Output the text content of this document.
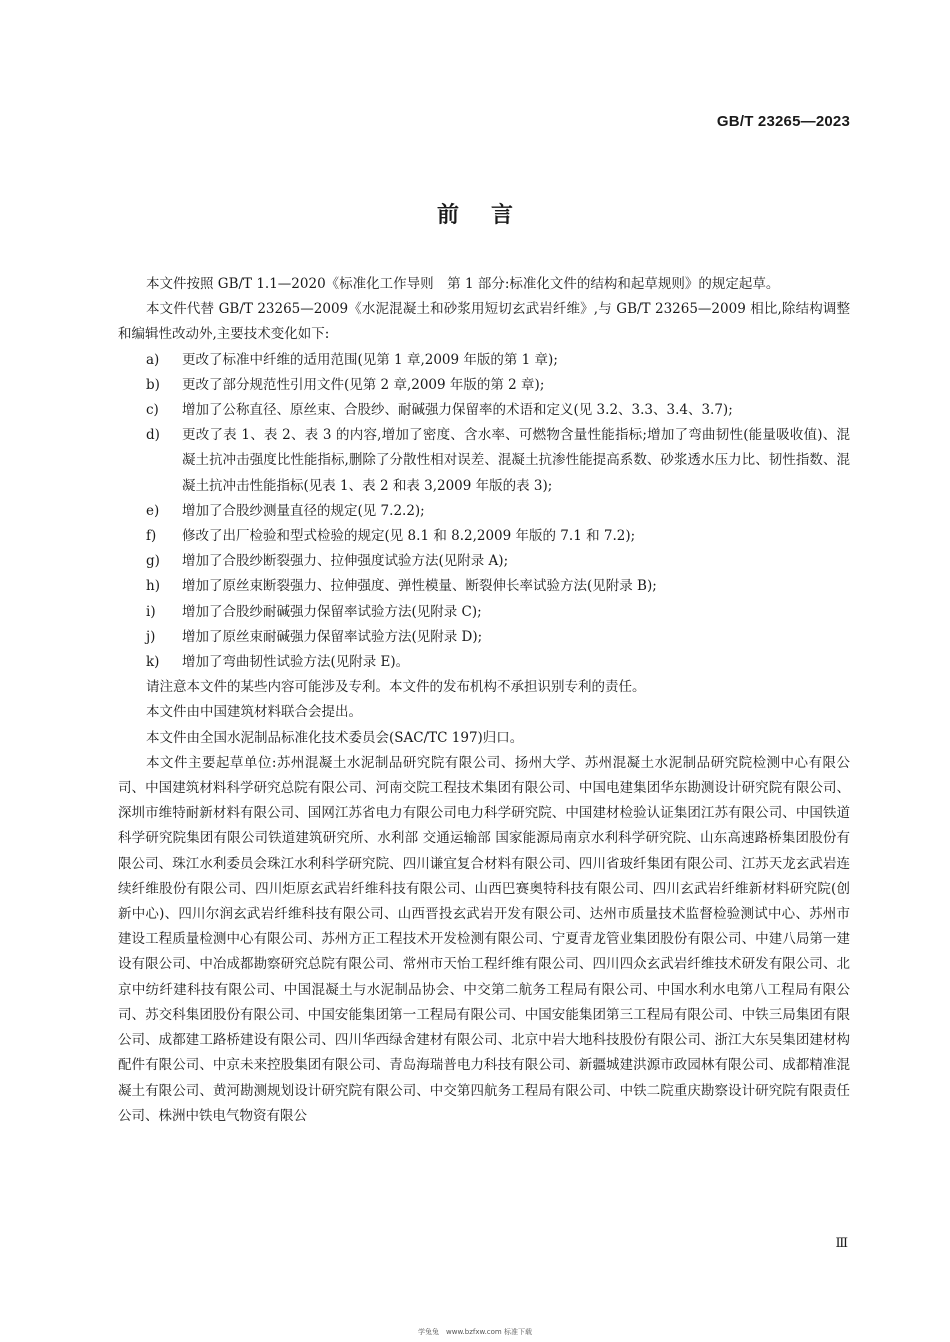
GB/T 23265—2023
前言

本文件按照 GB/T 1.1—2020《标准化工作导则　第 1 部分:标准化文件的结构和起草规则》的规定起草。

本文件代替 GB/T 23265—2009《水泥混凝土和砂浆用短切玄武岩纤维》,与 GB/T 23265—2009 相比,除结构调整和编辑性改动外,主要技术变化如下:

a)	更改了标准中纤维的适用范围(见第 1 章,2009 年版的第 1 章);
b)	更改了部分规范性引用文件(见第 2 章,2009 年版的第 2 章);
c)	增加了公称直径、原丝束、合股纱、耐碱强力保留率的术语和定义(见 3.2、3.3、3.4、3.7);
d)	更改了表 1、表 2、表 3 的内容,增加了密度、含水率、可燃物含量性能指标;增加了弯曲韧性(能量吸收值)、混凝土抗冲击强度比性能指标,删除了分散性相对误差、混凝土抗渗性能提高系数、砂浆透水压力比、韧性指数、混凝土抗冲击性能指标(见表 1、表 2 和表 3,2009 年版的表 3);
e)	增加了合股纱测量直径的规定(见 7.2.2);
f)	修改了出厂检验和型式检验的规定(见 8.1 和 8.2,2009 年版的 7.1 和 7.2);
g)	增加了合股纱断裂强力、拉伸强度试验方法(见附录 A);
h)	增加了原丝束断裂强力、拉伸强度、弹性模量、断裂伸长率试验方法(见附录 B);
i)	增加了合股纱耐碱强力保留率试验方法(见附录 C);
j)	增加了原丝束耐碱强力保留率试验方法(见附录 D);
k)	增加了弯曲韧性试验方法(见附录 E)。

请注意本文件的某些内容可能涉及专利。本文件的发布机构不承担识别专利的责任。

本文件由中国建筑材料联合会提出。

本文件由全国水泥制品标准化技术委员会(SAC/TC 197)归口。

本文件主要起草单位:苏州混凝土水泥制品研究院有限公司、扬州大学、苏州混凝土水泥制品研究院检测中心有限公司、中国建筑材料科学研究总院有限公司、河南交院工程技术集团有限公司、中国电建集团华东勘测设计研究院有限公司、深圳市维特耐新材料有限公司、国网江苏省电力有限公司电力科学研究院、中国建材检验认证集团江苏有限公司、中国铁道科学研究院集团有限公司铁道建筑研究所、水利部 交通运输部 国家能源局南京水利科学研究院、山东高速路桥集团股份有限公司、珠江水利委员会珠江水利科学研究院、四川谦宜复合材料有限公司、四川省玻纤集团有限公司、江苏天龙玄武岩连续纤维股份有限公司、四川炬原玄武岩纤维科技有限公司、山西巴赛奥特科技有限公司、四川玄武岩纤维新材料研究院(创新中心)、四川尔润玄武岩纤维科技有限公司、山西晋投玄武岩开发有限公司、达州市质量技术监督检验测试中心、苏州市建设工程质量检测中心有限公司、苏州方正工程技术开发检测有限公司、宁夏青龙管业集团股份有限公司、中建八局第一建设有限公司、中冶成都勘察研究总院有限公司、常州市天怡工程纤维有限公司、四川四众玄武岩纤维技术研发有限公司、北京中纺纤建科技有限公司、中国混凝土与水泥制品协会、中交第二航务工程局有限公司、中国水利水电第八工程局有限公司、苏交科集团股份有限公司、中国安能集团第一工程局有限公司、中国安能集团第三工程局有限公司、中铁三局集团有限公司、成都建工路桥建设有限公司、四川华西绿舍建材有限公司、北京中岩大地科技股份有限公司、浙江大东吴集团建材构配件有限公司、中京未来控股集团有限公司、青岛海瑞普电力科技有限公司、新疆城建洪源市政园林有限公司、成都精准混凝土有限公司、黄河勘测规划设计研究院有限公司、中交第四航务工程局有限公司、中铁二院重庆勘察设计研究院有限责任公司、株洲中铁电气物资有限公

Ⅲ
学兔兔　www.bzfxw.com 标准下载
